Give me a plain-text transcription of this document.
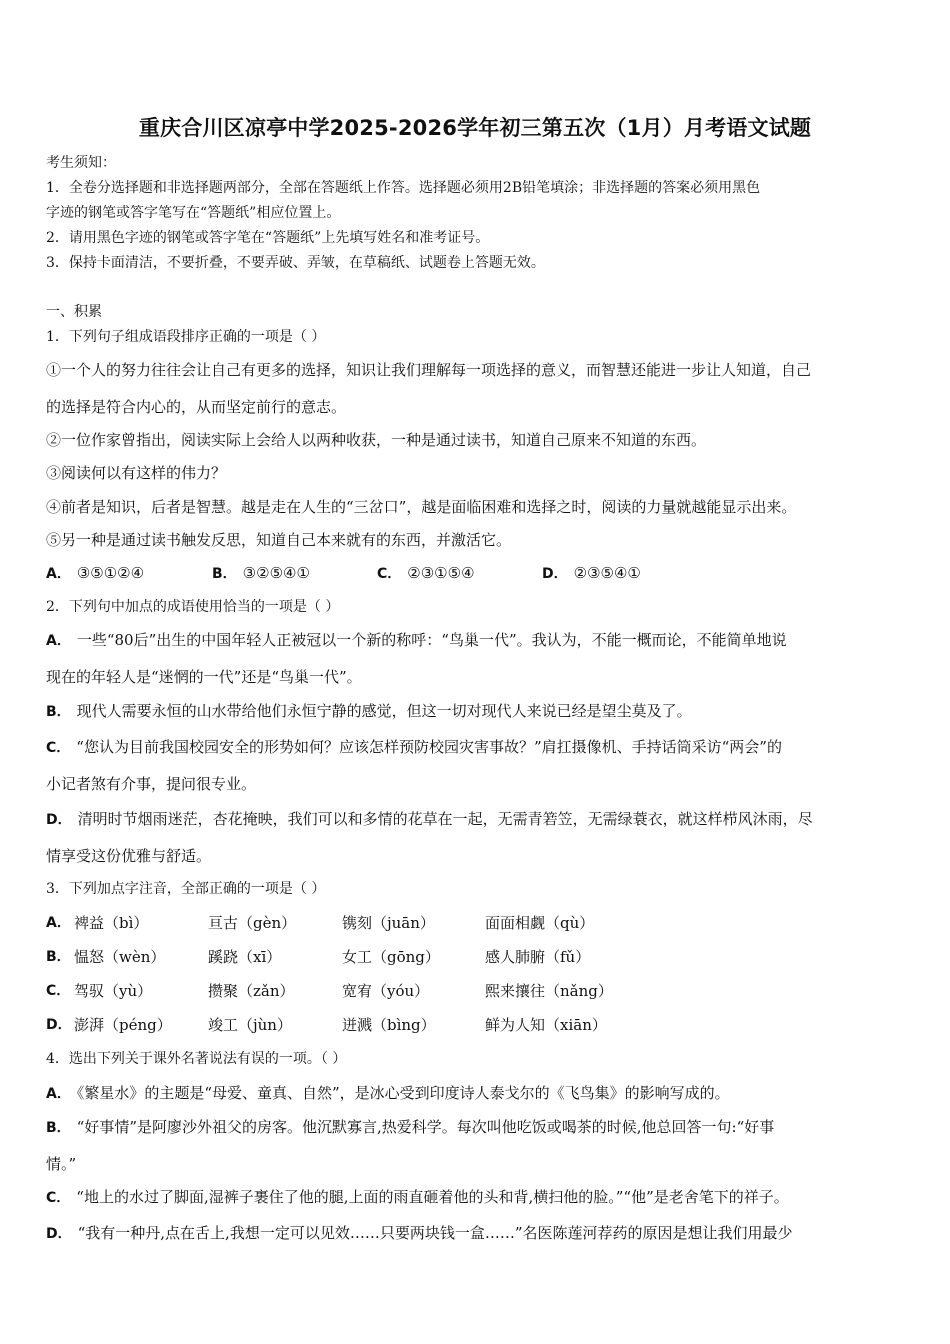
重庆合川区凉亭中学2025-2026学年初三第五次（1月）月考语文试题
考生须知：
1．全卷分选择题和非选择题两部分，全部在答题纸上作答。选择题必须用2B铅笔填涂；非选择题的答案必须用黑色
字迹的钢笔或答字笔写在“答题纸”相应位置上。
2．请用黑色字迹的钢笔或答字笔在“答题纸”上先填写姓名和准考证号。
3．保持卡面清洁，不要折叠，不要弄破、弄皱，在草稿纸、试题卷上答题无效。
一、积累
1．下列句子组成语段排序正确的一项是（ ）
①一个人的努力往往会让自己有更多的选择，知识让我们理解每一项选择的意义，而智慧还能进一步让人知道，自己
的选择是符合内心的，从而坚定前行的意志。
②一位作家曾指出，阅读实际上会给人以两种收获，一种是通过读书，知道自己原来不知道的东西。
③阅读何以有这样的伟力？
④前者是知识，后者是智慧。越是走在人生的“三岔口”，越是面临困难和选择之时，阅读的力量就越能显示出来。
⑤另一种是通过读书触发反思，知道自己本来就有的东西，并激活它。
A． ③⑤①②④	B． ③②⑤④①	C． ②③①⑤④	D． ②③⑤④①
2．下列句中加点的成语使用恰当的一项是（ ）
A． 一些“80后”出生的中国年轻人正被冠以一个新的称呼：“鸟巢一代”。我认为，不能一概而论，不能简单地说
现在的年轻人是“迷惘的一代”还是“鸟巢一代”。
B． 现代人需要永恒的山水带给他们永恒宁静的感觉，但这一切对现代人来说已经是望尘莫及了。
C． “您认为目前我国校园安全的形势如何？应该怎样预防校园灾害事故？”肩扛摄像机、手持话筒采访“两会”的
小记者煞有介事，提问很专业。
D． 清明时节烟雨迷茫，杏花掩映，我们可以和多情的花草在一起，无需青箬笠，无需绿蓑衣，就这样栉风沐雨，尽
情享受这份优雅与舒适。
3．下列加点字注音，全部正确的一项是（ ）
A． 裨益（bì）	亘古（gèn）	镌刻（juān）	面面相觑（qù）
B． 愠怒（wèn）	蹊跷（xī）	女工（gōng）	感人肺腑（fǔ）
C． 驾驭（yù）	攒聚（zǎn）	宽宥（yóu）	熙来攘往（nǎng）
D． 澎湃（péng） 竣工（jùn）	迸溅（bìng）	鲜为人知（xiān）
4．选出下列关于课外名著说法有误的一项。（ ）
A． 《繁星水》的主题是“母爱、童真、自然”，是冰心受到印度诗人泰戈尔的《飞鸟集》的影响写成的。
B． “好事情”是阿廖沙外祖父的房客。他沉默寡言,热爱科学。每次叫他吃饭或喝茶的时候,他总回答一句:“好事
情。”
C． “地上的水过了脚面,湿裤子裹住了他的腿,上面的雨直砸着他的头和背,横扫他的脸。”“他”是老舍笔下的祥子。
D． “我有一种丹,点在舌上,我想一定可以见效……只要两块钱一盒……”名医陈莲河荐药的原因是想让我们用最少
